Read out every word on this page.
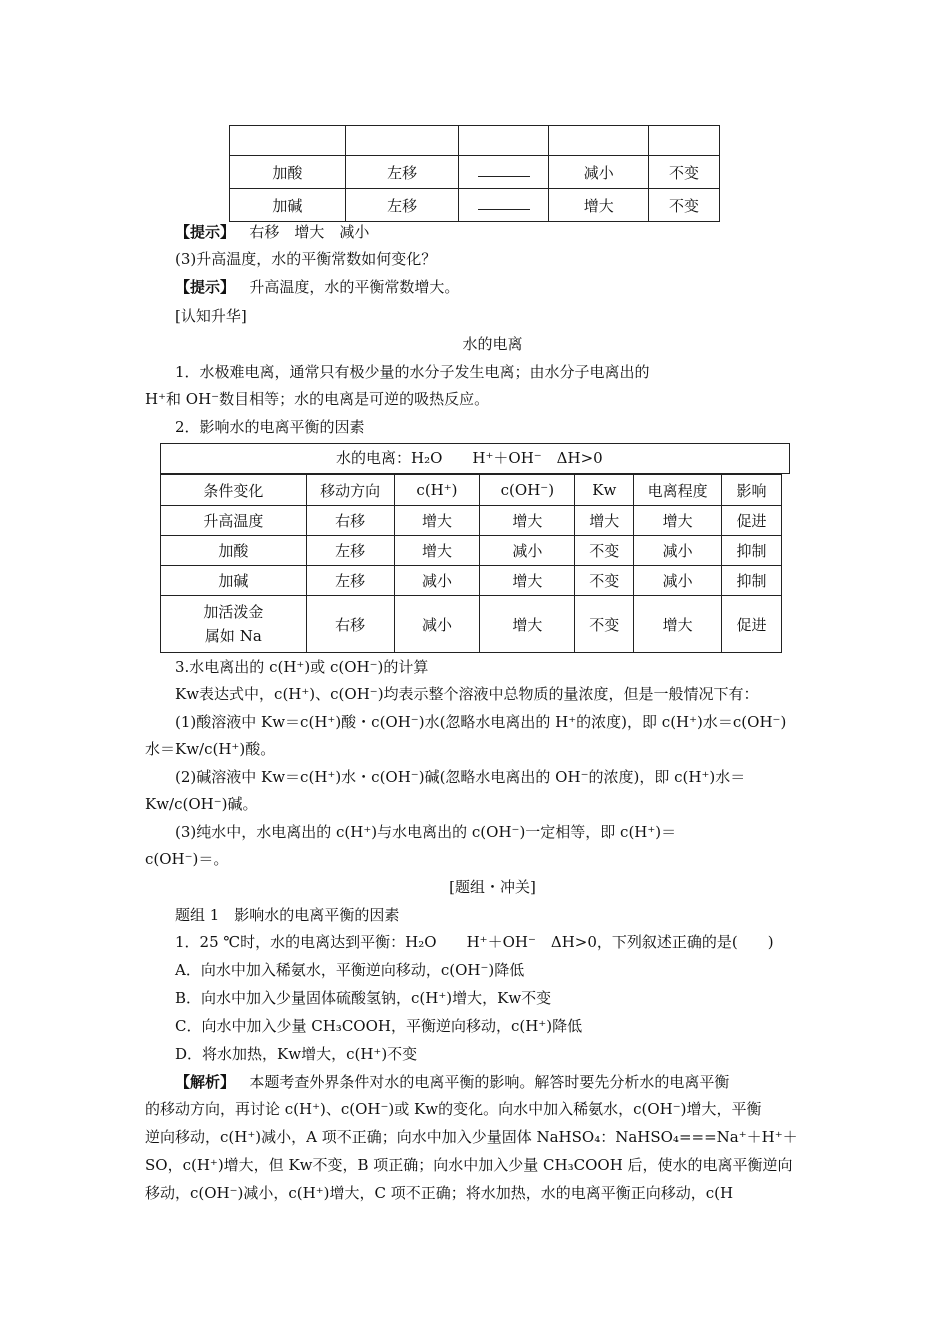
加酸	左移		减小	不变
加碱	左移		增大	不变
【提示】 右移　增大　减小
(3)升高温度，水的平衡常数如何变化？
【提示】 升高温度，水的平衡常数增大。
[认知升华]
水的电离
1．水极难电离，通常只有极少量的水分子发生电离；由水分子电离出的
H⁺和 OH⁻数目相等；水的电离是可逆的吸热反应。
2．影响水的电离平衡的因素
水的电离：H₂O　　H⁺＋OH⁻　ΔH>0
条件变化	移动方向	c(H⁺)	c(OH⁻)	Kw	电离程度	影响
升高温度	右移	增大	增大	增大	增大	促进
加酸	左移	增大	减小	不变	减小	抑制
加碱	左移	减小	增大	不变	减小	抑制
加活泼金
属如 Na	右移	减小	增大	不变	增大	促进
3.水电离出的 c(H⁺)或 c(OH⁻)的计算
Kw表达式中，c(H⁺)、c(OH⁻)均表示整个溶液中总物质的量浓度，但是一般情况下有：
(1)酸溶液中 Kw＝c(H⁺)酸・c(OH⁻)水(忽略水电离出的 H⁺的浓度)，即 c(H⁺)水＝c(OH⁻)
水＝Kw/c(H⁺)酸。
(2)碱溶液中 Kw＝c(H⁺)水・c(OH⁻)碱(忽略水电离出的 OH⁻的浓度)，即 c(H⁺)水＝
Kw/c(OH⁻)碱。
(3)纯水中，水电离出的 c(H⁺)与水电离出的 c(OH⁻)一定相等，即 c(H⁺)＝
c(OH⁻)＝。
[题组・冲关]
题组 1　影响水的电离平衡的因素
1．25 ℃时，水的电离达到平衡：H₂O　　H⁺＋OH⁻　ΔH>0，下列叙述正确的是(　　)
A．向水中加入稀氨水，平衡逆向移动，c(OH⁻)降低
B．向水中加入少量固体硫酸氢钠，c(H⁺)增大，Kw不变
C．向水中加入少量 CH₃COOH，平衡逆向移动，c(H⁺)降低
D．将水加热，Kw增大，c(H⁺)不变
【解析】 本题考查外界条件对水的电离平衡的影响。解答时要先分析水的电离平衡
的移动方向，再讨论 c(H⁺)、c(OH⁻)或 Kw的变化。向水中加入稀氨水，c(OH⁻)增大，平衡
逆向移动，c(H⁺)减小，A 项不正确；向水中加入少量固体 NaHSO₄：NaHSO₄===Na⁺＋H⁺＋
SO，c(H⁺)增大，但 Kw不变，B 项正确；向水中加入少量 CH₃COOH 后，使水的电离平衡逆向
移动，c(OH⁻)减小，c(H⁺)增大，C 项不正确；将水加热，水的电离平衡正向移动，c(H
